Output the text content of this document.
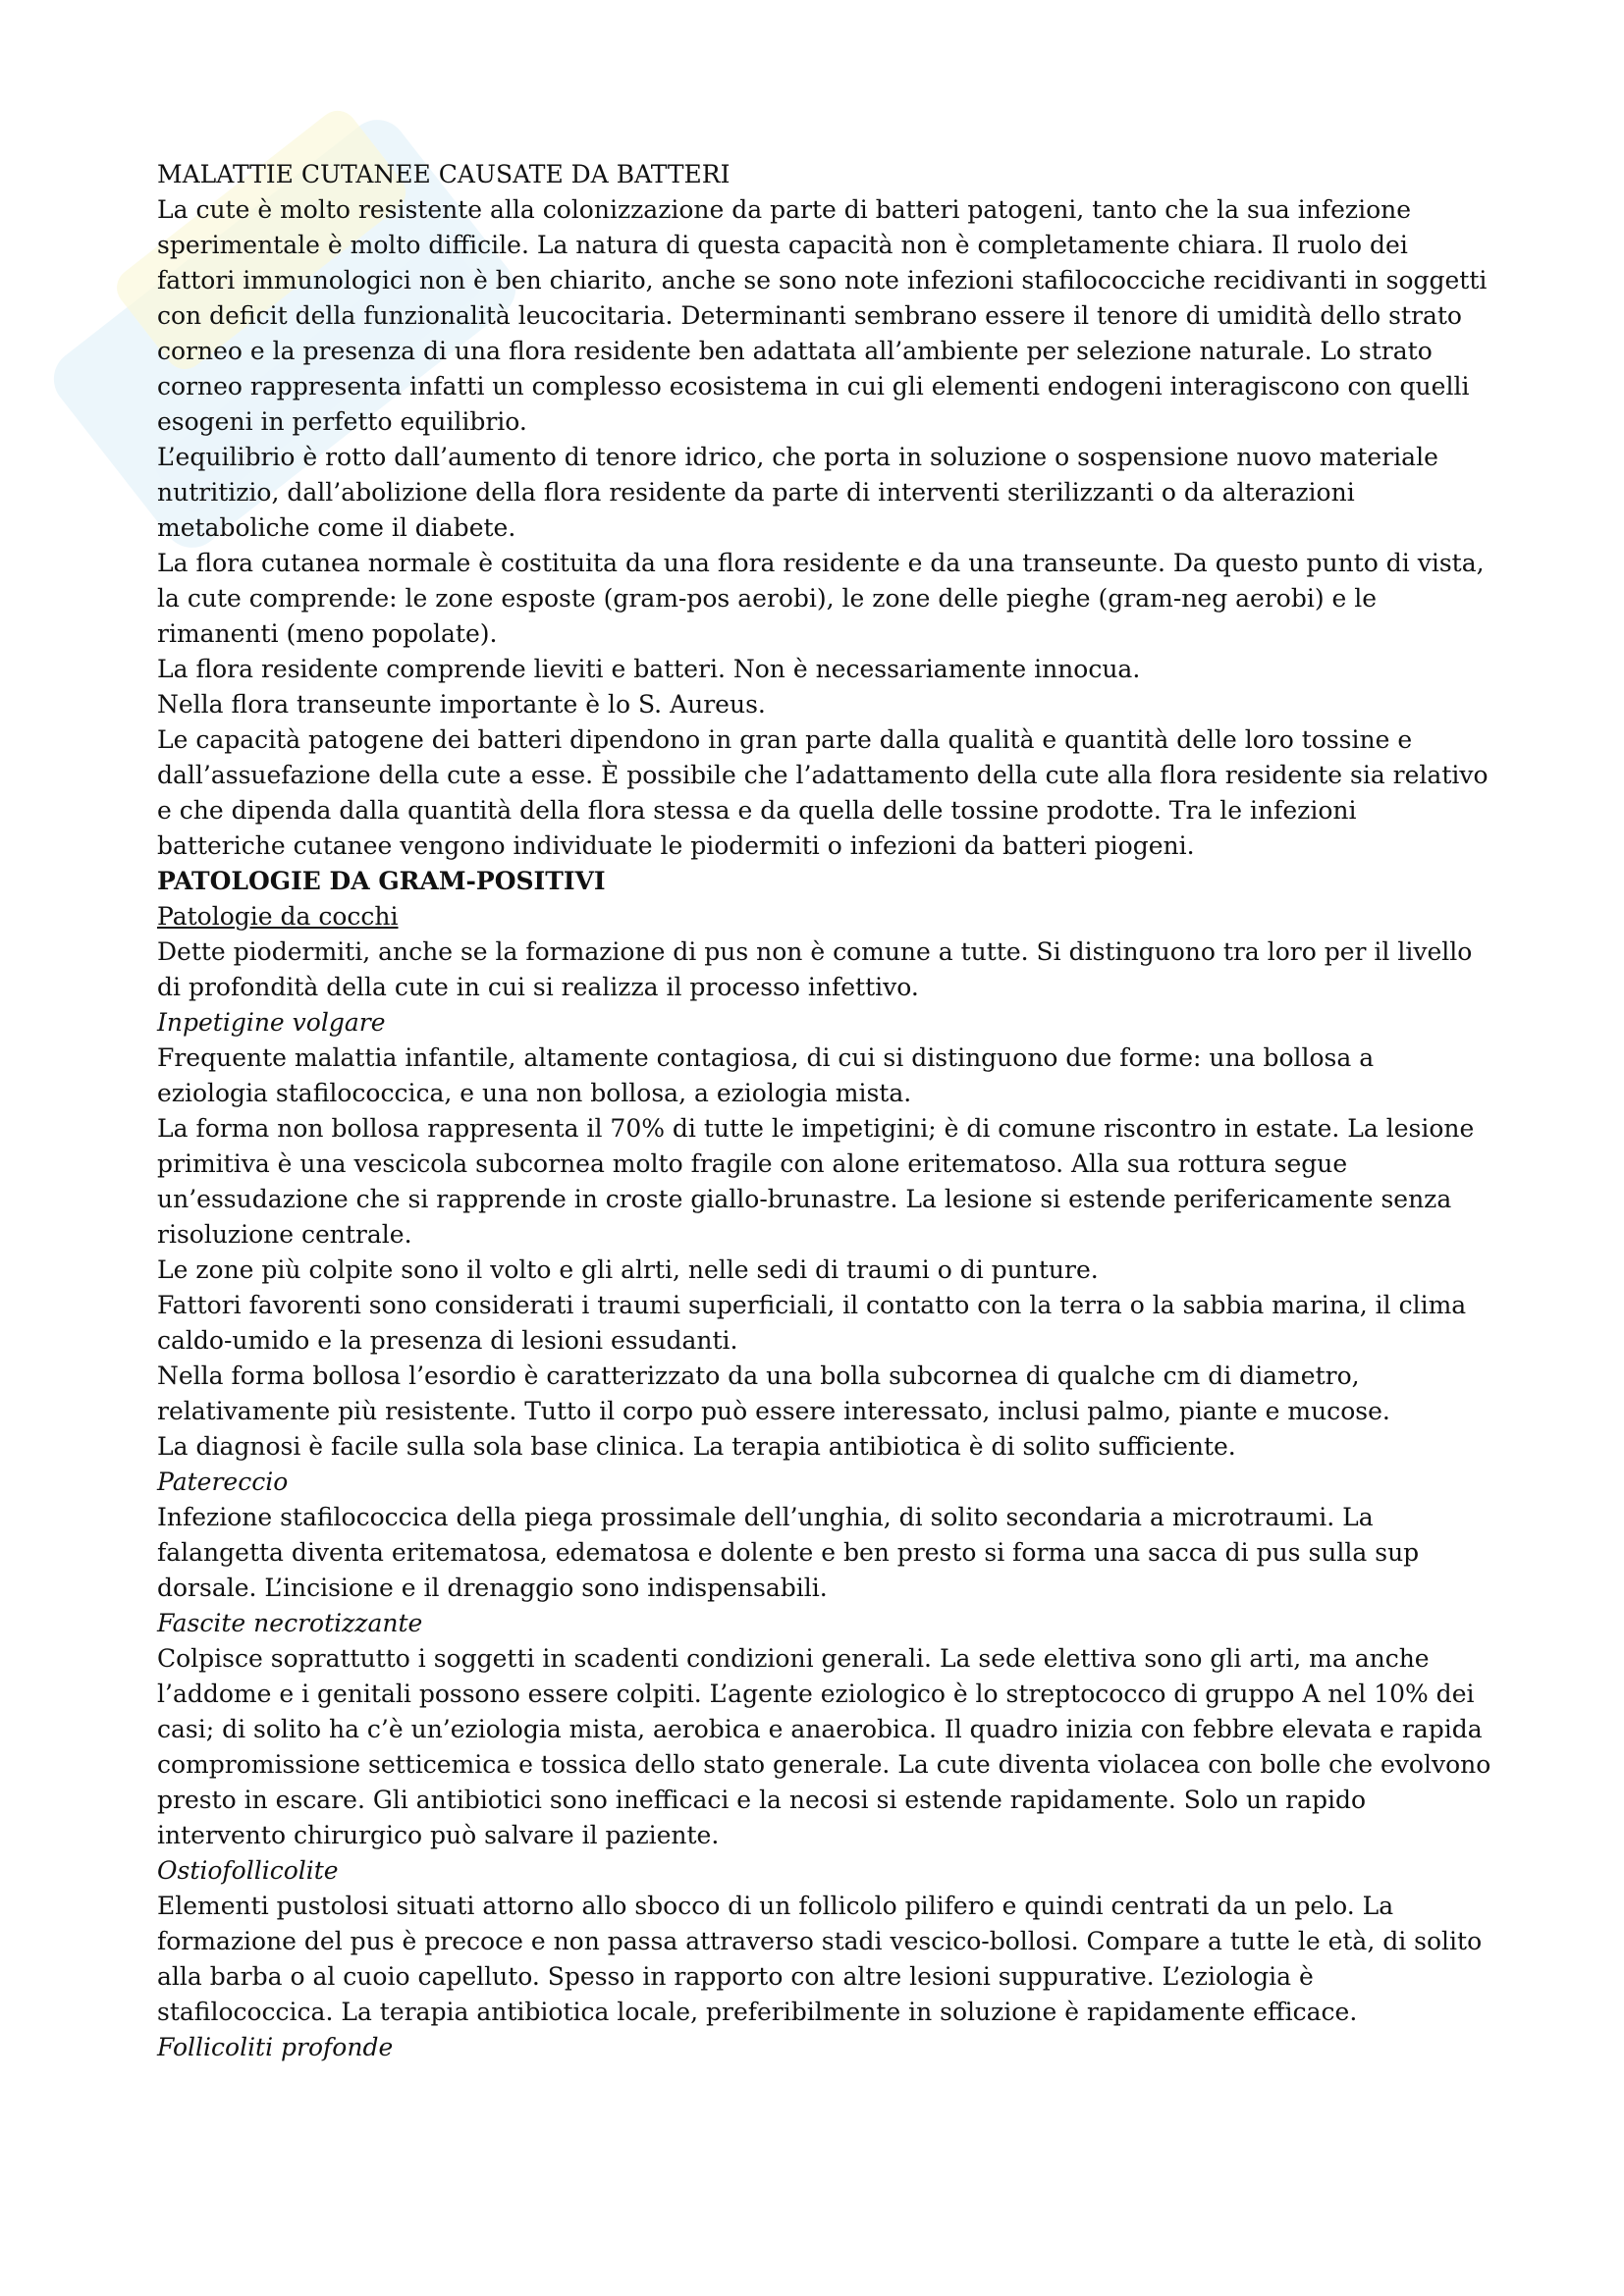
MALATTIE CUTANEE CAUSATE DA BATTERI

La cute è molto resistente alla colonizzazione da parte di batteri patogeni, tanto che la sua infezione sperimentale è molto difficile. La natura di questa capacità non è completamente chiara. Il ruolo dei fattori immunologici non è ben chiarito, anche se sono note infezioni stafilococciche recidivanti in soggetti con deficit della funzionalità leucocitaria. Determinanti sembrano essere il tenore di umidità dello strato corneo e la presenza di una flora residente ben adattata all’ambiente per selezione naturale. Lo strato corneo rappresenta infatti un complesso ecosistema in cui gli elementi endogeni interagiscono con quelli esogeni in perfetto equilibrio.

L’equilibrio è rotto dall’aumento di tenore idrico, che porta in soluzione o sospensione nuovo materiale nutritizio, dall’abolizione della flora residente da parte di interventi sterilizzanti o da alterazioni metaboliche come il diabete.

La flora cutanea normale è costituita da una flora residente e da una transeunte. Da questo punto di vista, la cute comprende: le zone esposte (gram-pos aerobi), le zone delle pieghe (gram-neg aerobi) e le rimanenti (meno popolate).

La flora residente comprende lieviti e batteri. Non è necessariamente innocua.

Nella flora transeunte importante è lo S. Aureus.

Le capacità patogene dei batteri dipendono in gran parte dalla qualità e quantità delle loro tossine e dall’assuefazione della cute a esse. È possibile che l’adattamento della cute alla flora residente sia relativo e che dipenda dalla quantità della flora stessa e da quella delle tossine prodotte. Tra le infezioni batteriche cutanee vengono individuate le piodermiti o infezioni da batteri piogeni.

PATOLOGIE DA GRAM-POSITIVI

Patologie da cocchi

Dette piodermiti, anche se la formazione di pus non è comune a tutte. Si distinguono tra loro per il livello di profondità della cute in cui si realizza il processo infettivo.

Inpetigine volgare

Frequente malattia infantile, altamente contagiosa, di cui si distinguono due forme: una bollosa a eziologia stafilococcica, e una non bollosa, a eziologia mista.

La forma non bollosa rappresenta il 70% di tutte le impetigini; è di comune riscontro in estate. La lesione primitiva è una vescicola subcornea molto fragile con alone eritematoso. Alla sua rottura segue un’essudazione che si rapprende in croste giallo-brunastre. La lesione si estende perifericamente senza risoluzione centrale.

Le zone più colpite sono il volto e gli alrti, nelle sedi di traumi o di punture.

Fattori favorenti sono considerati i traumi superficiali, il contatto con la terra o la sabbia marina, il clima caldo-umido e la presenza di lesioni essudanti.

Nella forma bollosa l’esordio è caratterizzato da una bolla subcornea di qualche cm di diametro, relativamente più resistente. Tutto il corpo può essere interessato, inclusi palmo, piante e mucose.

La diagnosi è facile sulla sola base clinica. La terapia antibiotica è di solito sufficiente.

Patereccio

Infezione stafilococcica della piega prossimale dell’unghia, di solito secondaria a microtraumi. La falangetta diventa eritematosa, edematosa e dolente e ben presto si forma una sacca di pus sulla sup dorsale. L’incisione e il drenaggio sono indispensabili.

Fascite necrotizzante

Colpisce soprattutto i soggetti in scadenti condizioni generali. La sede elettiva sono gli arti, ma anche l’addome e i genitali possono essere colpiti. L’agente eziologico è lo streptococco di gruppo A nel 10% dei casi; di solito ha c’è un’eziologia mista, aerobica e anaerobica. Il quadro inizia con febbre elevata e rapida compromissione setticemica e tossica dello stato generale. La cute diventa violacea con bolle che evolvono presto in escare. Gli antibiotici sono inefficaci e la necosi si estende rapidamente. Solo un rapido intervento chirurgico può salvare il paziente.

Ostiofollicolite

Elementi pustolosi situati attorno allo sbocco di un follicolo pilifero e quindi centrati da un pelo. La formazione del pus è precoce e non passa attraverso stadi vescico-bollosi. Compare a tutte le età, di solito alla barba o al cuoio capelluto. Spesso in rapporto con altre lesioni suppurative. L’eziologia è stafilococcica. La terapia antibiotica locale, preferibilmente in soluzione è rapidamente efficace.

Follicoliti profonde
